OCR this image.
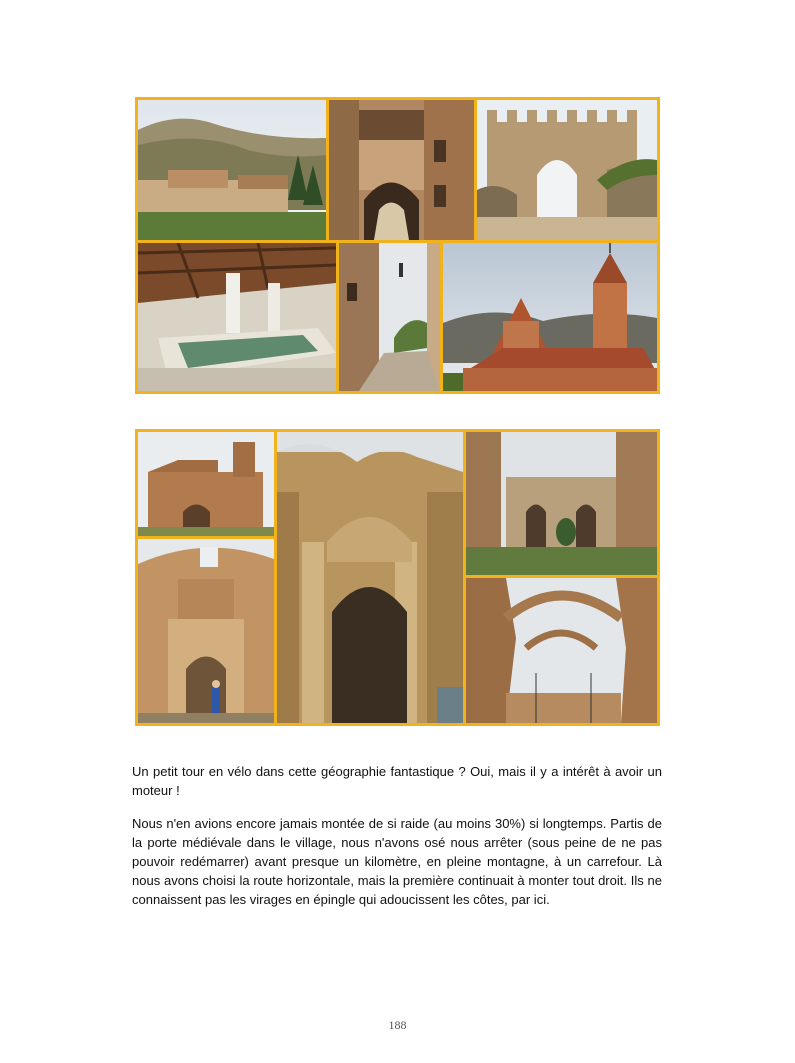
Un petit tour en vélo dans cette géographie fantastique ? Oui, mais il y a intérêt à avoir un moteur !

Nous n'en avions encore jamais montée de si raide (au moins 30%) si longtemps. Partis de la porte médiévale dans le village, nous n'avons osé nous arrêter (sous peine de ne pas pouvoir redémarrer) avant presque un kilomètre, en pleine montagne, à un carrefour. Là nous avons choisi la route horizontale, mais la première continuait à monter tout droit. Ils ne connaissent pas les virages en épingle qui adoucissent les côtes, par ici.

188
